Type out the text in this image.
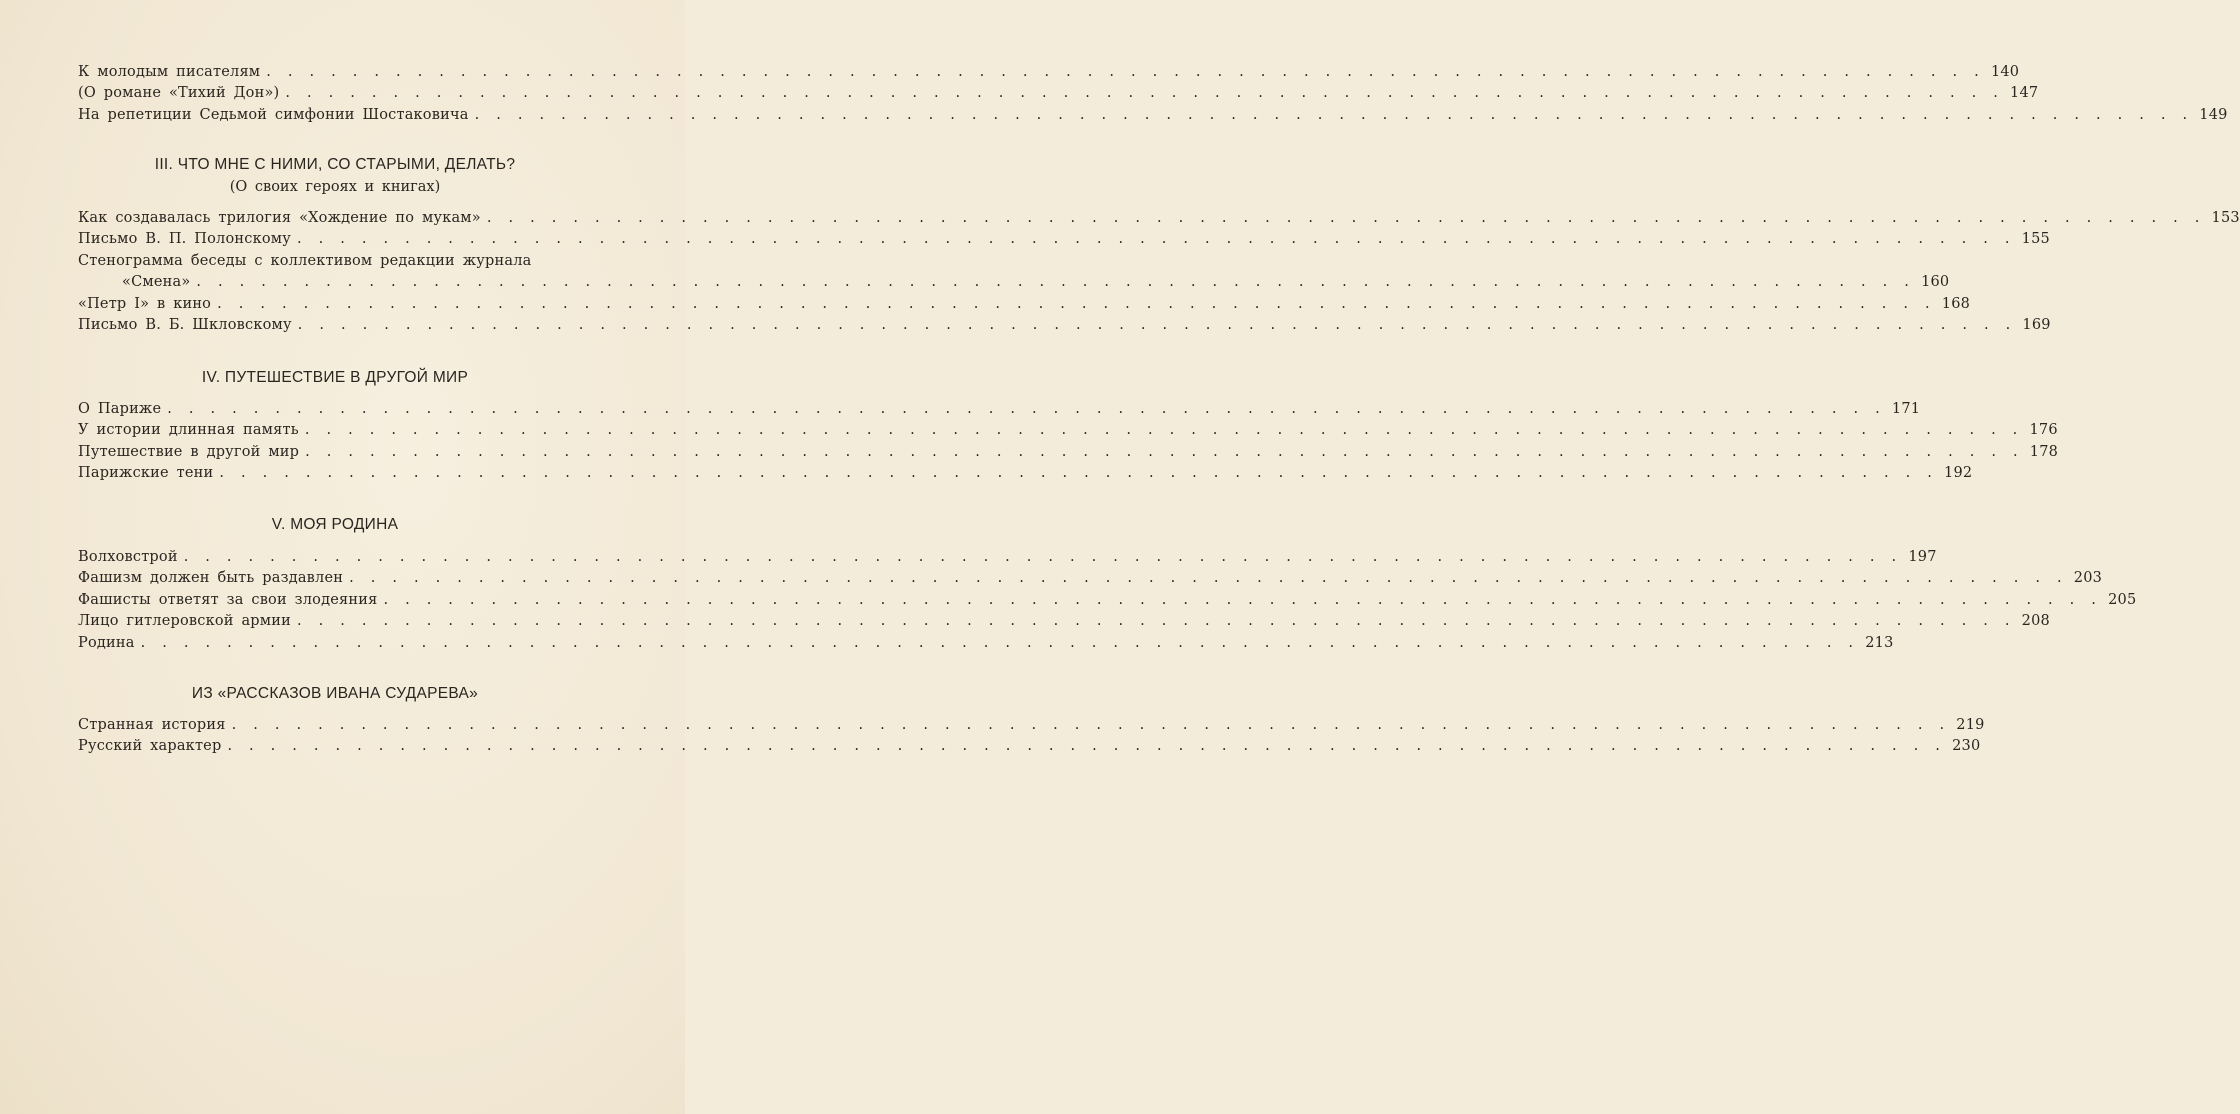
К молодым писателям . . . . . . . . . . . . . . . . . . . . . . . . . . . . . . . . . . . . . . . . . . . . . . . . . . . . . . . . . . . . . . . . . . . . . . . . . . . . . . . . 140
(О романе «Тихий Дон») . . . . . . . . . . . . . . . . . . . . . . . . . . . . . . . . . . . . . . . . . . . . . . . . . . . . . . . . . . . . . . . . . . . . . . . . . . . . . . . . 147
На репетиции Седьмой симфонии Шостаковича . . . . . . . . . . . . . . . . . . . . . . . . . . . . . . . . . . . . . . . . . . . . . . . . . . . . . . . . . . . . . . . . . . . . . . . . . . . . . . . . 149
III. ЧТО МНЕ С НИМИ, СО СТАРЫМИ, ДЕЛАТЬ?
(О своих героях и книгах)
Как создавалась трилогия «Хождение по мукам» . . . . . . . . . . . . . . . . . . . . . . . . . . . . . . . . . . . . . . . . . . . . . . . . . . . . . . . . . . . . . . . . . . . . . . . . . . . . . . . . 153
Письмо В. П. Полонскому . . . . . . . . . . . . . . . . . . . . . . . . . . . . . . . . . . . . . . . . . . . . . . . . . . . . . . . . . . . . . . . . . . . . . . . . . . . . . . . . 155
Стенограмма беседы с коллективом редакции журнала
«Смена» . . . . . . . . . . . . . . . . . . . . . . . . . . . . . . . . . . . . . . . . . . . . . . . . . . . . . . . . . . . . . . . . . . . . . . . . . . . . . . . . 160
«Петр I» в кино . . . . . . . . . . . . . . . . . . . . . . . . . . . . . . . . . . . . . . . . . . . . . . . . . . . . . . . . . . . . . . . . . . . . . . . . . . . . . . . . 168
Письмо В. Б. Шкловскому . . . . . . . . . . . . . . . . . . . . . . . . . . . . . . . . . . . . . . . . . . . . . . . . . . . . . . . . . . . . . . . . . . . . . . . . . . . . . . . . 169
IV. ПУТЕШЕСТВИЕ В ДРУГОЙ МИР
О Париже . . . . . . . . . . . . . . . . . . . . . . . . . . . . . . . . . . . . . . . . . . . . . . . . . . . . . . . . . . . . . . . . . . . . . . . . . . . . . . . . 171
У истории длинная память . . . . . . . . . . . . . . . . . . . . . . . . . . . . . . . . . . . . . . . . . . . . . . . . . . . . . . . . . . . . . . . . . . . . . . . . . . . . . . . . 176
Путешествие в другой мир . . . . . . . . . . . . . . . . . . . . . . . . . . . . . . . . . . . . . . . . . . . . . . . . . . . . . . . . . . . . . . . . . . . . . . . . . . . . . . . . 178
Парижские тени . . . . . . . . . . . . . . . . . . . . . . . . . . . . . . . . . . . . . . . . . . . . . . . . . . . . . . . . . . . . . . . . . . . . . . . . . . . . . . . . 192
V. МОЯ РОДИНА
Волховстрой . . . . . . . . . . . . . . . . . . . . . . . . . . . . . . . . . . . . . . . . . . . . . . . . . . . . . . . . . . . . . . . . . . . . . . . . . . . . . . . . 197
Фашизм должен быть раздавлен . . . . . . . . . . . . . . . . . . . . . . . . . . . . . . . . . . . . . . . . . . . . . . . . . . . . . . . . . . . . . . . . . . . . . . . . . . . . . . . . 203
Фашисты ответят за свои злодеяния . . . . . . . . . . . . . . . . . . . . . . . . . . . . . . . . . . . . . . . . . . . . . . . . . . . . . . . . . . . . . . . . . . . . . . . . . . . . . . . . 205
Лицо гитлеровской армии . . . . . . . . . . . . . . . . . . . . . . . . . . . . . . . . . . . . . . . . . . . . . . . . . . . . . . . . . . . . . . . . . . . . . . . . . . . . . . . . 208
Родина . . . . . . . . . . . . . . . . . . . . . . . . . . . . . . . . . . . . . . . . . . . . . . . . . . . . . . . . . . . . . . . . . . . . . . . . . . . . . . . . 213
ИЗ «РАССКАЗОВ ИВАНА СУДАРЕВА»
Странная история . . . . . . . . . . . . . . . . . . . . . . . . . . . . . . . . . . . . . . . . . . . . . . . . . . . . . . . . . . . . . . . . . . . . . . . . . . . . . . . . 219
Русский характер . . . . . . . . . . . . . . . . . . . . . . . . . . . . . . . . . . . . . . . . . . . . . . . . . . . . . . . . . . . . . . . . . . . . . . . . . . . . . . . . 230
